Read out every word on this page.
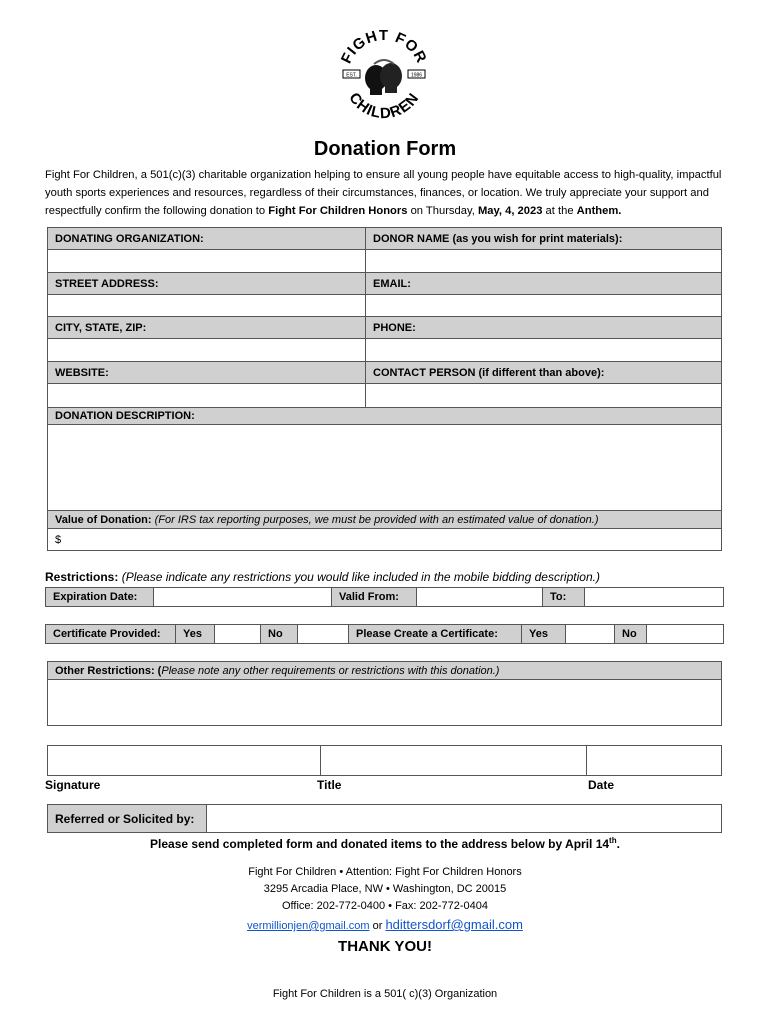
FIGHT FOR
CHILDREN
EST.	1986
Donation Form
Fight For Children, a 501(c)(3) charitable organization helping to ensure all young people have equitable access to high-quality, impactful youth sports experiences and resources, regardless of their circumstances, finances, or location. We truly appreciate your support and respectfully confirm the following donation to Fight For Children Honors on Thursday, May, 4, 2023 at the Anthem.
DONATING ORGANIZATION:	DONOR NAME (as you wish for print materials):

STREET ADDRESS:	EMAIL:

CITY, STATE, ZIP:	PHONE:

WEBSITE:	CONTACT PERSON (if different than above):

DONATION DESCRIPTION:	

Value of Donation: (For IRS tax reporting purposes, we must be provided with an estimated value of donation.)	
$	
Restrictions: (Please indicate any restrictions you would like included in the mobile bidding description.)
Expiration Date:		Valid From:		To:	
Certificate Provided:	Yes		No		Please Create a Certificate:	Yes		No	
Other Restrictions: (Please note any other requirements or restrictions with this donation.)

Signature	Title	Date
Referred or Solicited by:	
Please send completed form and donated items to the address below by April 14th.
Fight For Children • Attention: Fight For Children Honors
3295 Arcadia Place, NW • Washington, DC 20015
Office: 202-772-0400 • Fax: 202-772-0404
vermillionjen@gmail.com or hdittersdorf@gmail.com
THANK YOU!
Fight For Children is a 501( c)(3) Organization
